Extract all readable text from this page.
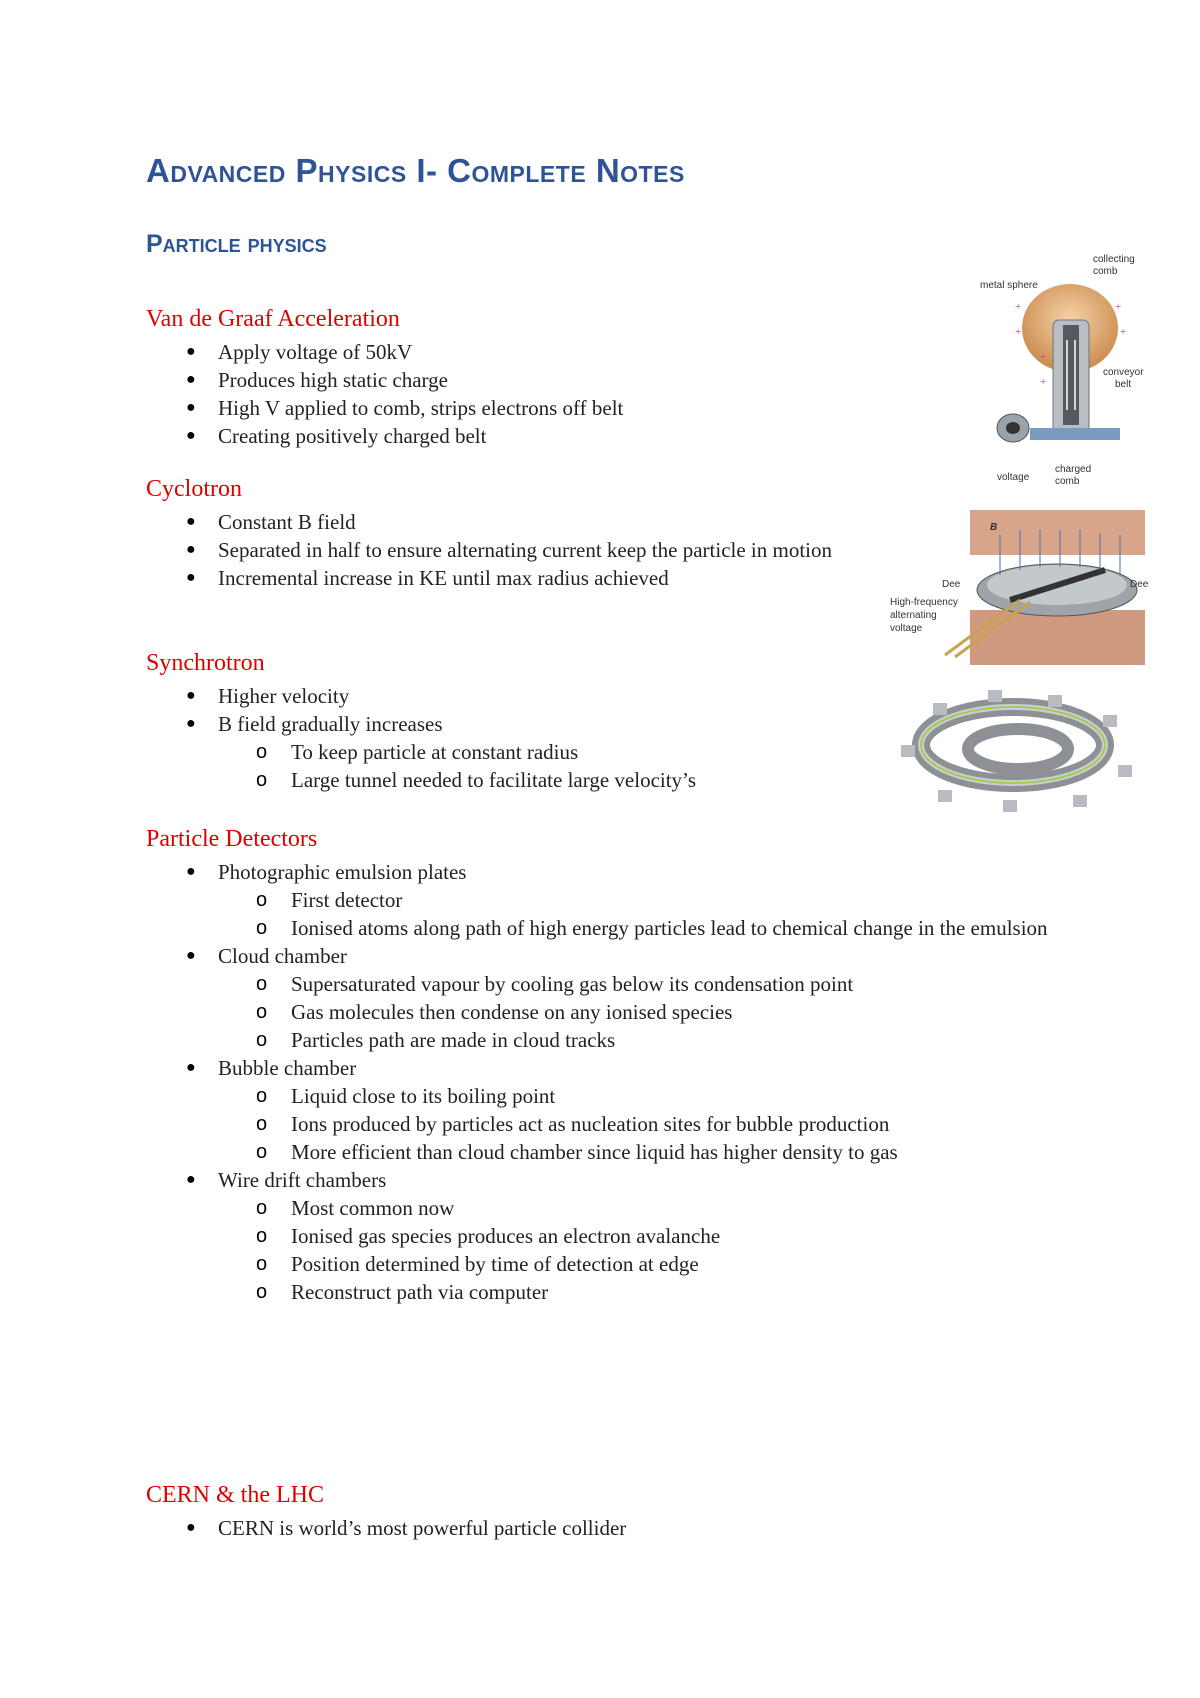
Advanced Physics I- Complete Notes
Particle physics
Van de Graaf Acceleration
● Apply voltage of 50kV
● Produces high static charge
● High V applied to comb, strips electrons off belt
● Creating positively charged belt
Cyclotron
● Constant B field
● Separated in half to ensure alternating current keep the particle in motion
● Incremental increase in KE until max radius achieved
Synchrotron
● Higher velocity
● B field gradually increases
o To keep particle at constant radius
o Large tunnel needed to facilitate large velocity’s
Particle Detectors
● Photographic emulsion plates
o First detector
o Ionised atoms along path of high energy particles lead to chemical change in the emulsion
● Cloud chamber
o Supersaturated vapour by cooling gas below its condensation point
o Gas molecules then condense on any ionised species
o Particles path are made in cloud tracks
● Bubble chamber
o Liquid close to its boiling point
o Ions produced by particles act as nucleation sites for bubble production
o More efficient than cloud chamber since liquid has higher density to gas
● Wire drift chambers
o Most common now
o Ionised gas species produces an electron avalanche
o Position determined by time of detection at edge
o Reconstruct path via computer
CERN & the LHC
● CERN is world’s most powerful particle collider
+
+
+	+
+
+
collecting
comb
metal sphere
conveyor
belt
voltage
charged
comb
B
Dee	Dee
High-frequency
alternating
voltage
